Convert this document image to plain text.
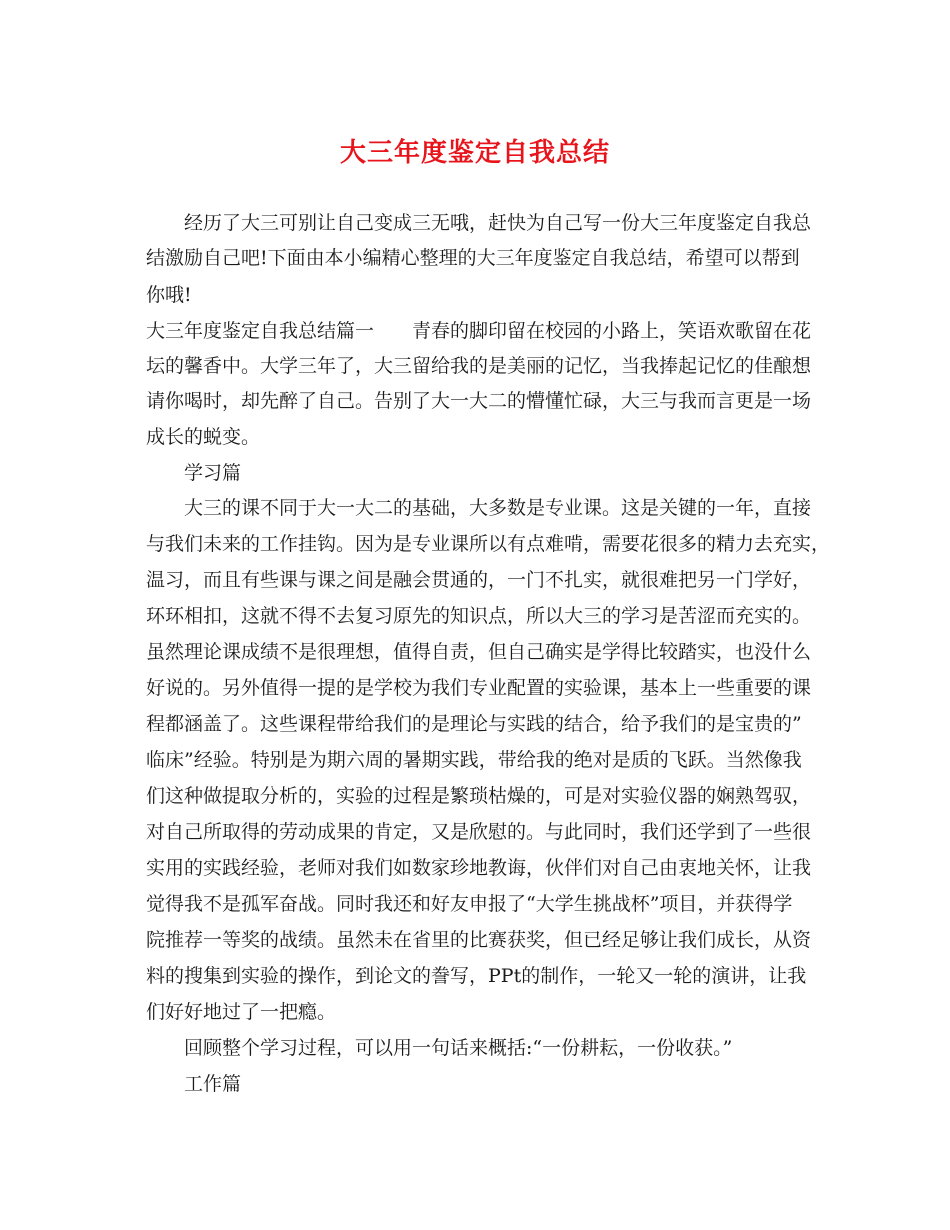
大三年度鉴定自我总结
经历了大三可别让自己变成三无哦，赶快为自己写一份大三年度鉴定自我总
结激励自己吧!下面由本小编精心整理的大三年度鉴定自我总结，希望可以帮到
你哦!
大三年度鉴定自我总结篇一　　青春的脚印留在校园的小路上，笑语欢歌留在花
坛的馨香中。大学三年了，大三留给我的是美丽的记忆，当我捧起记忆的佳酿想
请你喝时，却先醉了自己。告别了大一大二的懵懂忙碌，大三与我而言更是一场
成长的蜕变。
学习篇
大三的课不同于大一大二的基础，大多数是专业课。这是关键的一年，直接
与我们未来的工作挂钩。因为是专业课所以有点难啃，需要花很多的精力去充实，
温习，而且有些课与课之间是融会贯通的，一门不扎实，就很难把另一门学好，
环环相扣，这就不得不去复习原先的知识点，所以大三的学习是苦涩而充实的。
虽然理论课成绩不是很理想，值得自责，但自己确实是学得比较踏实，也没什么
好说的。另外值得一提的是学校为我们专业配置的实验课，基本上一些重要的课
程都涵盖了。这些课程带给我们的是理论与实践的结合，给予我们的是宝贵的”
临床”经验。特别是为期六周的暑期实践，带给我的绝对是质的飞跃。当然像我
们这种做提取分析的，实验的过程是繁琐枯燥的，可是对实验仪器的娴熟驾驭，
对自己所取得的劳动成果的肯定，又是欣慰的。与此同时，我们还学到了一些很
实用的实践经验，老师对我们如数家珍地教诲，伙伴们对自己由衷地关怀，让我
觉得我不是孤军奋战。同时我还和好友申报了“大学生挑战杯”项目，并获得学
院推荐一等奖的战绩。虽然未在省里的比赛获奖，但已经足够让我们成长，从资
料的搜集到实验的操作，到论文的誊写，PPt的制作，一轮又一轮的演讲，让我
们好好地过了一把瘾。
回顾整个学习过程，可以用一句话来概括:“一份耕耘，一份收获。”
工作篇
